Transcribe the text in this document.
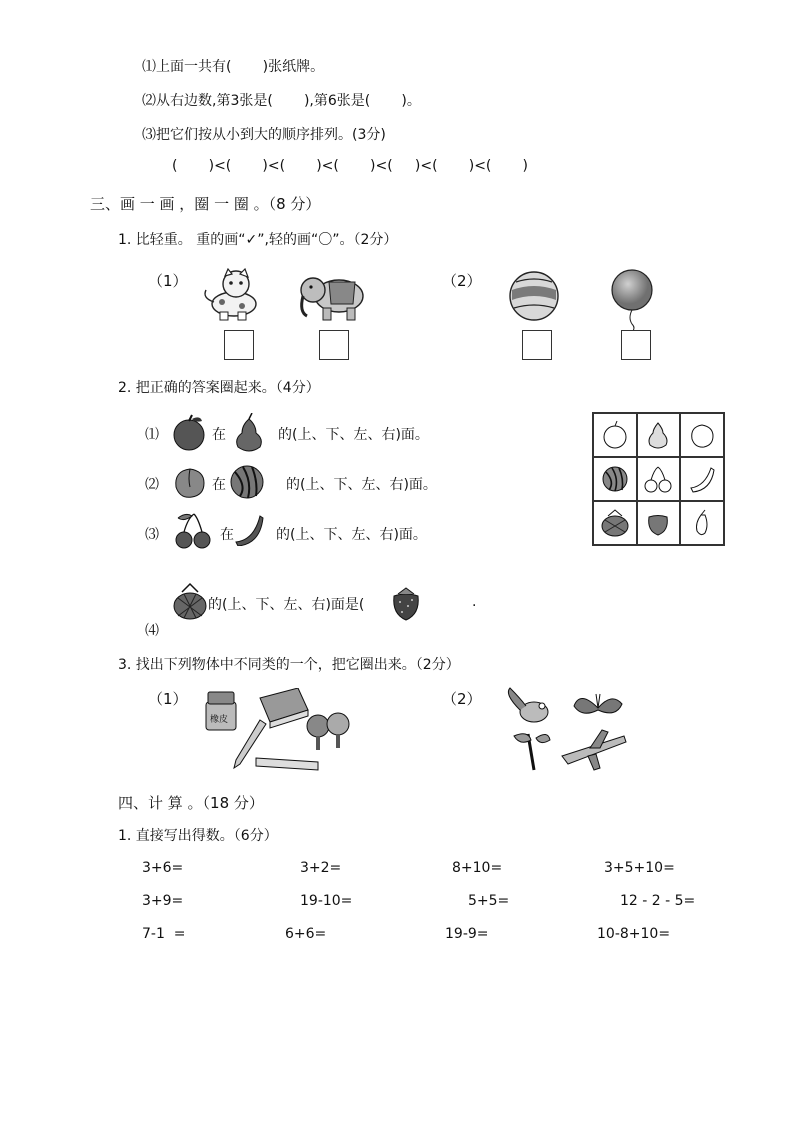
⑴上面一共有(       )张纸牌。
⑵从右边数,第3张是(       ),第6张是(       )。
⑶把它们按从小到大的顺序排列。(3分)
(       )<(       )<(       )<(       )<(     )<(       )<(       )
三、画 一 画 ，圈 一 圈 。（8 分）
1. 比轻重。 重的画“✓”,轻的画“〇”。（2分）
（1）	（2）
2. 把正确的答案圈起来。（4分）
⑴	在	的(上、下、左、右)面。
⑵	在	的(上、下、左、右)面。
⑶	在	的(上、下、左、右)面。
⑷
的(上、下、左、右)面是(	.
3. 找出下列物体中不同类的一个，把它圈出来。（2分）
（1）	（2）
橡皮
四、计 算 。（18 分）
1. 直接写出得数。（6分）
3+6=	3+2=	8+10=	3+5+10=
3+9=	19-10=	5+5=	12 - 2 - 5=
7-1  =	6+6=	19-9=	10-8+10=
